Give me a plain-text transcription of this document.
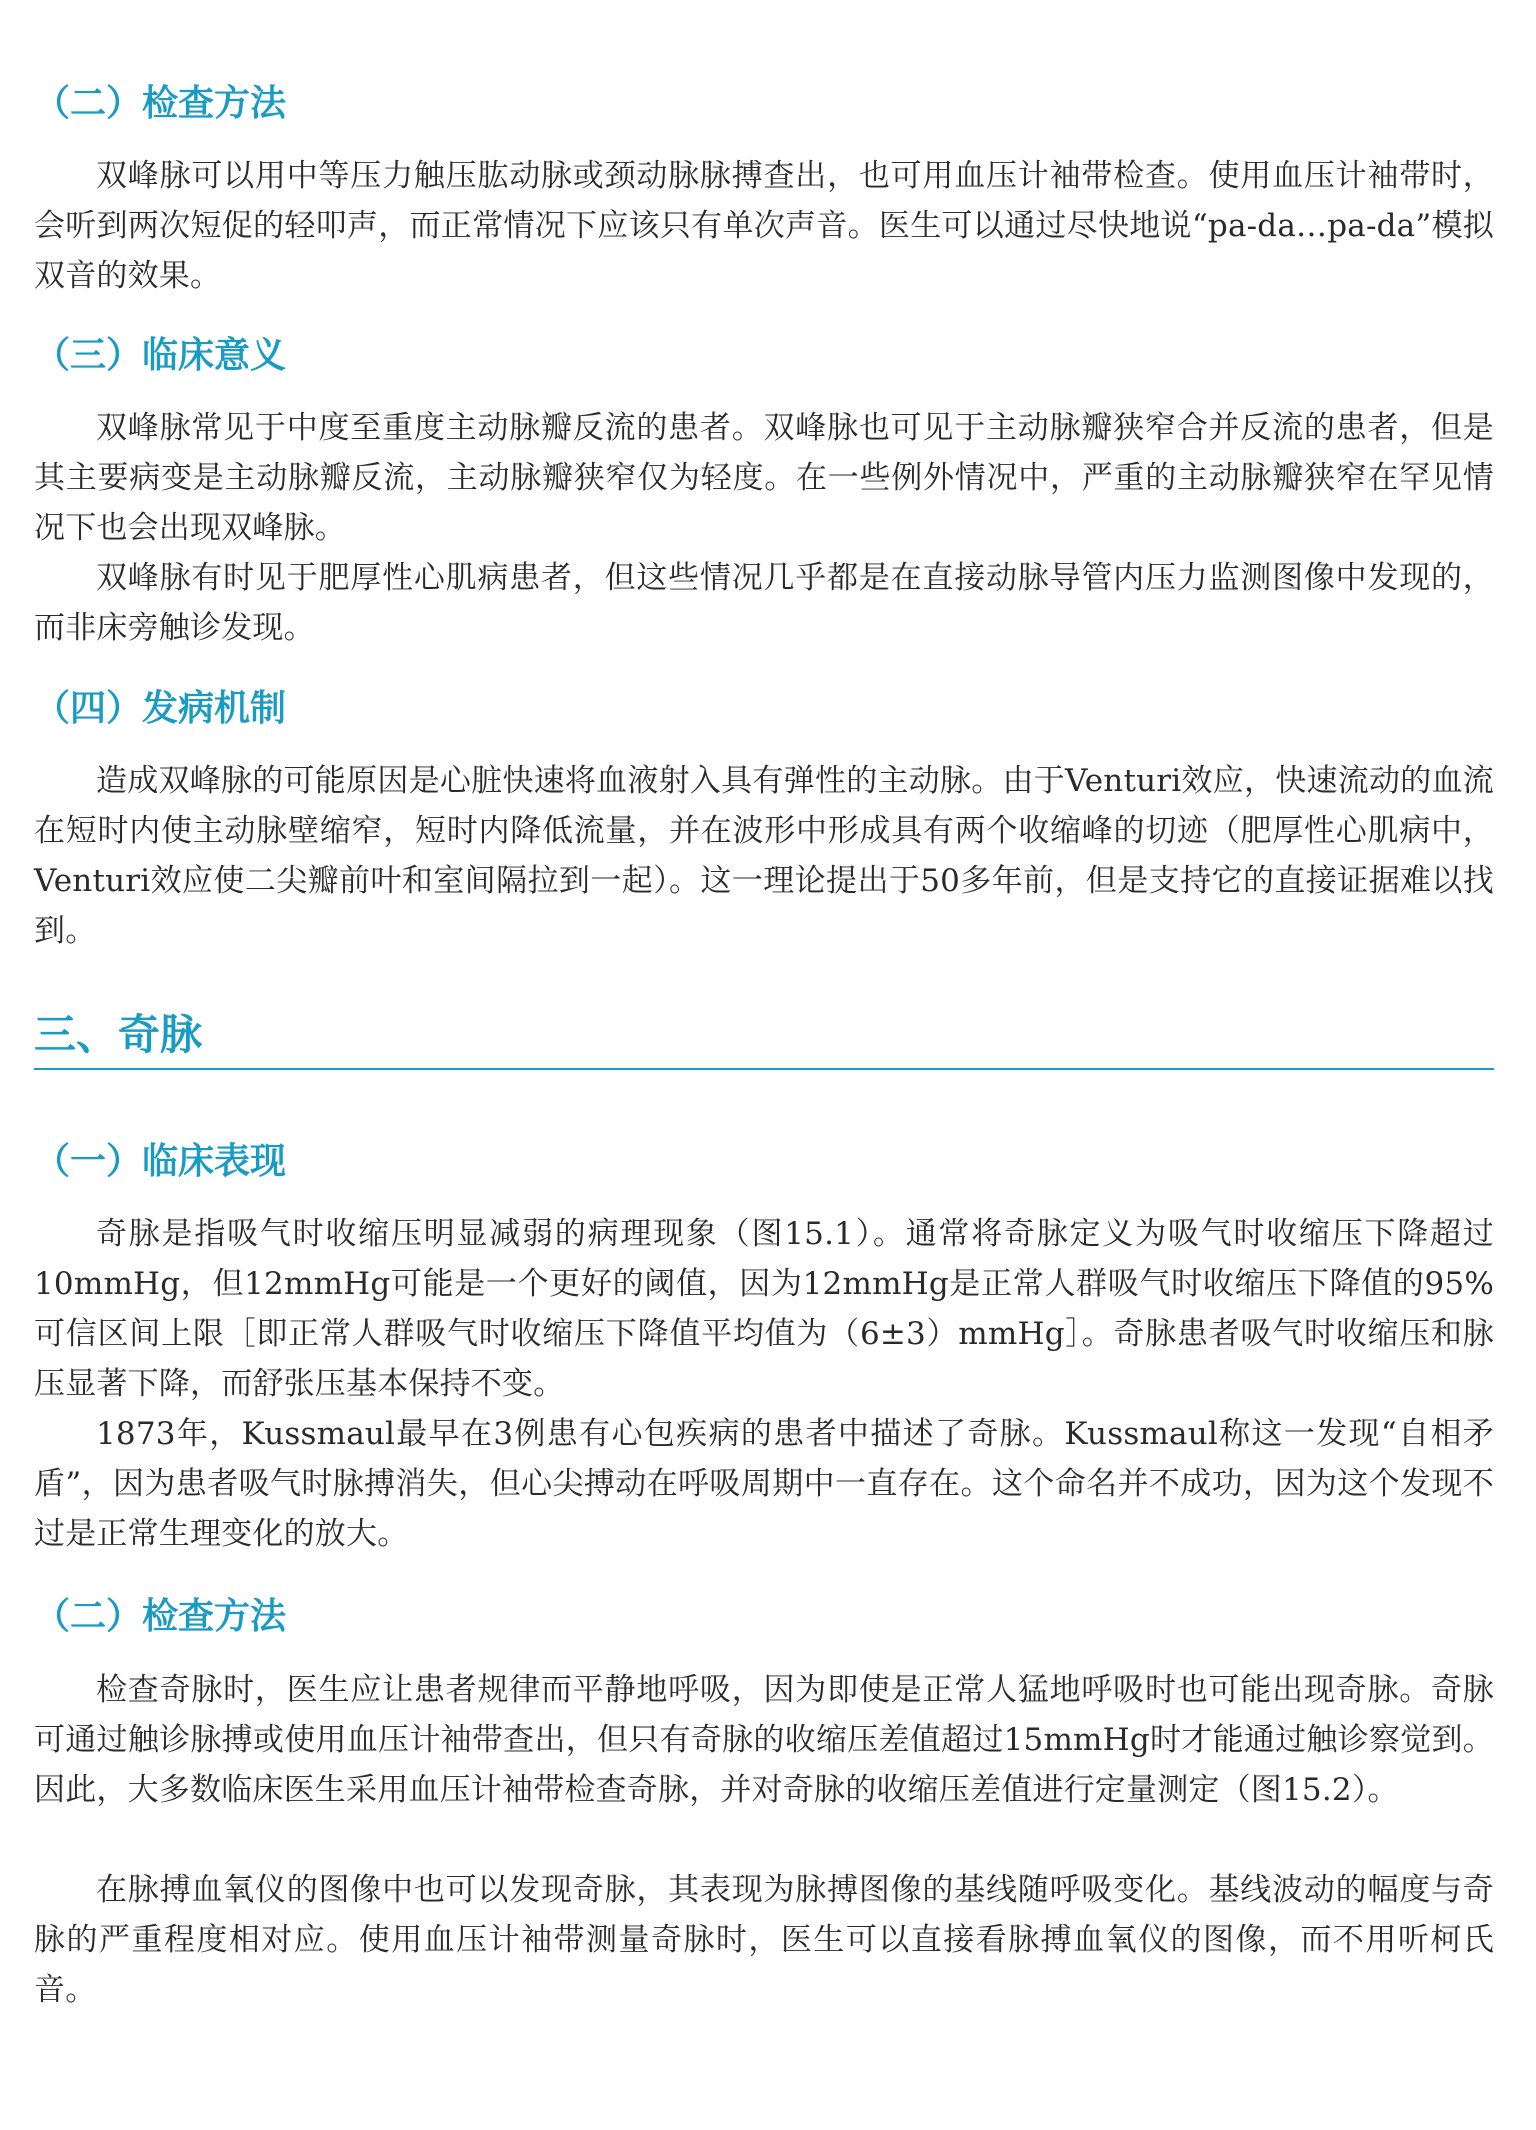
（二）检查方法

双峰脉可以用中等压力触压肱动脉或颈动脉脉搏查出，也可用血压计袖带检查。使用血压计袖带时，会听到两次短促的轻叩声，而正常情况下应该只有单次声音。医生可以通过尽快地说“pa-da…pa-da”模拟双音的效果。

（三）临床意义

双峰脉常见于中度至重度主动脉瓣反流的患者。双峰脉也可见于主动脉瓣狭窄合并反流的患者，但是其主要病变是主动脉瓣反流，主动脉瓣狭窄仅为轻度。在一些例外情况中，严重的主动脉瓣狭窄在罕见情况下也会出现双峰脉。

双峰脉有时见于肥厚性心肌病患者，但这些情况几乎都是在直接动脉导管内压力监测图像中发现的，而非床旁触诊发现。

（四）发病机制

造成双峰脉的可能原因是心脏快速将血液射入具有弹性的主动脉。由于Venturi效应，快速流动的血流在短时内使主动脉壁缩窄，短时内降低流量，并在波形中形成具有两个收缩峰的切迹（肥厚性心肌病中，Venturi效应使二尖瓣前叶和室间隔拉到一起）。这一理论提出于50多年前，但是支持它的直接证据难以找到。

三、奇脉
（一）临床表现

奇脉是指吸气时收缩压明显减弱的病理现象（图15.1）。通常将奇脉定义为吸气时收缩压下降超过10mmHg，但12mmHg可能是一个更好的阈值，因为12mmHg是正常人群吸气时收缩压下降值的95%可信区间上限［即正常人群吸气时收缩压下降值平均值为（6±3）mmHg］。奇脉患者吸气时收缩压和脉压显著下降，而舒张压基本保持不变。

1873年，Kussmaul最早在3例患有心包疾病的患者中描述了奇脉。Kussmaul称这一发现“自相矛盾”，因为患者吸气时脉搏消失，但心尖搏动在呼吸周期中一直存在。这个命名并不成功，因为这个发现不过是正常生理变化的放大。

（二）检查方法

检查奇脉时，医生应让患者规律而平静地呼吸，因为即使是正常人猛地呼吸时也可能出现奇脉。奇脉可通过触诊脉搏或使用血压计袖带查出，但只有奇脉的收缩压差值超过15mmHg时才能通过触诊察觉到。因此，大多数临床医生采用血压计袖带检查奇脉，并对奇脉的收缩压差值进行定量测定（图15.2）。

在脉搏血氧仪的图像中也可以发现奇脉，其表现为脉搏图像的基线随呼吸变化。基线波动的幅度与奇脉的严重程度相对应。使用血压计袖带测量奇脉时，医生可以直接看脉搏血氧仪的图像，而不用听柯氏音。
